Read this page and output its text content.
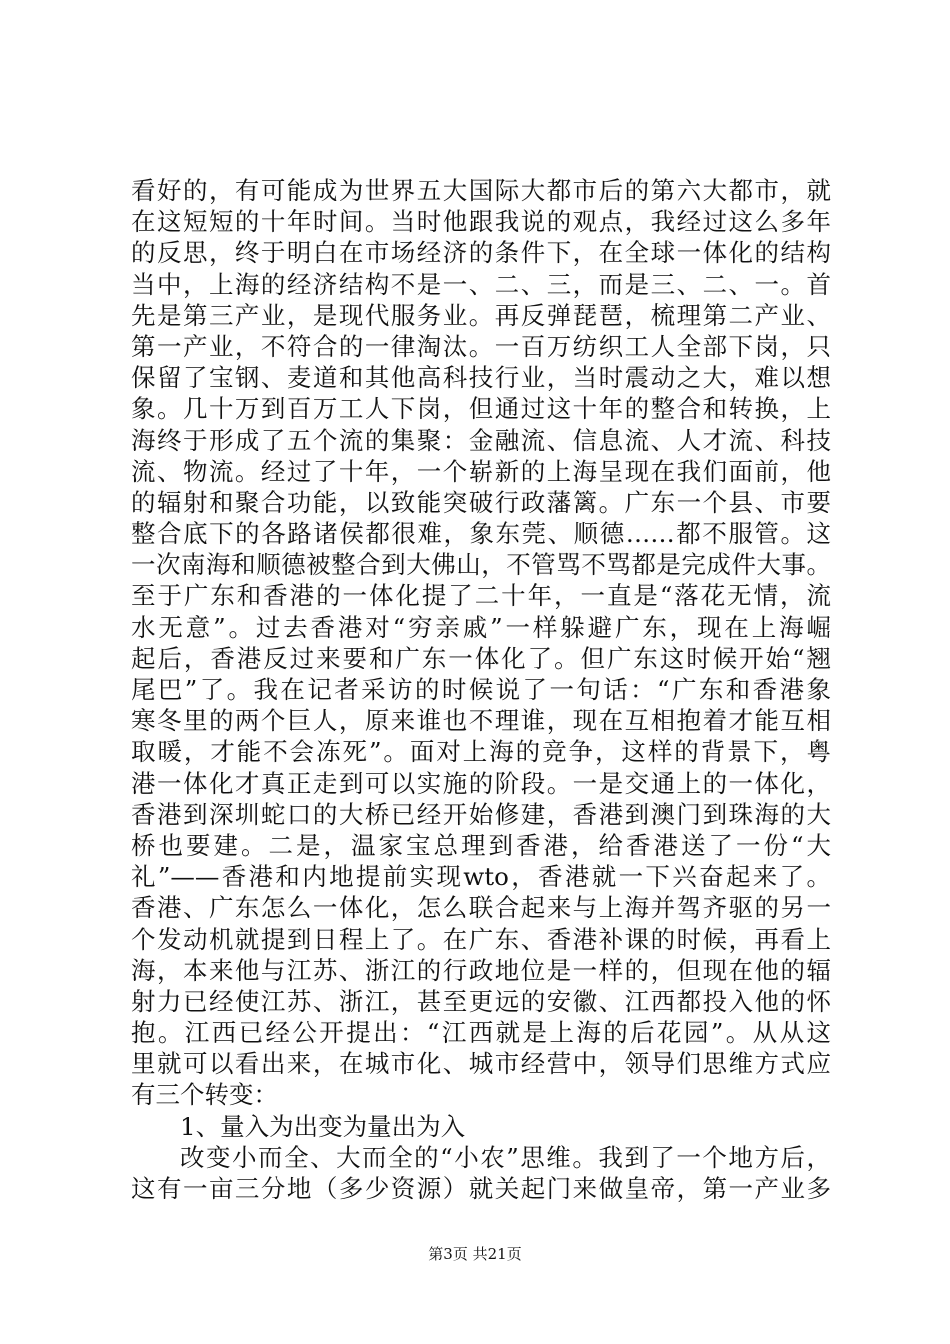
看好的，有可能成为世界五大国际大都市后的第六大都市，就
在这短短的十年时间。当时他跟我说的观点，我经过这么多年
的反思，终于明白在市场经济的条件下，在全球一体化的结构
当中，上海的经济结构不是一、二、三，而是三、二、一。首
先是第三产业，是现代服务业。再反弹琵琶，梳理第二产业、
第一产业，不符合的一律淘汰。一百万纺织工人全部下岗，只
保留了宝钢、麦道和其他高科技行业，当时震动之大，难以想
象。几十万到百万工人下岗，但通过这十年的整合和转换，上
海终于形成了五个流的集聚：金融流、信息流、人才流、科技
流、物流。经过了十年，一个崭新的上海呈现在我们面前，他
的辐射和聚合功能，以致能突破行政藩篱。广东一个县、市要
整合底下的各路诸侯都很难，象东莞、顺德……都不服管。这
一次南海和顺德被整合到大佛山，不管骂不骂都是完成件大事。
至于广东和香港的一体化提了二十年，一直是“落花无情，流
水无意”。过去香港对“穷亲戚”一样躲避广东，现在上海崛
起后，香港反过来要和广东一体化了。但广东这时候开始“翘
尾巴”了。我在记者采访的时候说了一句话：“广东和香港象
寒冬里的两个巨人，原来谁也不理谁，现在互相抱着才能互相
取暖，才能不会冻死”。面对上海的竞争，这样的背景下，粤
港一体化才真正走到可以实施的阶段。一是交通上的一体化，
香港到深圳蛇口的大桥已经开始修建，香港到澳门到珠海的大
桥也要建。二是，温家宝总理到香港，给香港送了一份“大
礼”——香港和内地提前实现wto，香港就一下兴奋起来了。
香港、广东怎么一体化，怎么联合起来与上海并驾齐驱的另一
个发动机就提到日程上了。在广东、香港补课的时候，再看上
海，本来他与江苏、浙江的行政地位是一样的，但现在他的辐
射力已经使江苏、浙江，甚至更远的安徽、江西都投入他的怀
抱。江西已经公开提出：“江西就是上海的后花园”。从从这
里就可以看出来，在城市化、城市经营中，领导们思维方式应
有三个转变：
1、量入为出变为量出为入
改变小而全、大而全的“小农”思维。我到了一个地方后，
这有一亩三分地（多少资源）就关起门来做皇帝，第一产业多
第3页 共21页
